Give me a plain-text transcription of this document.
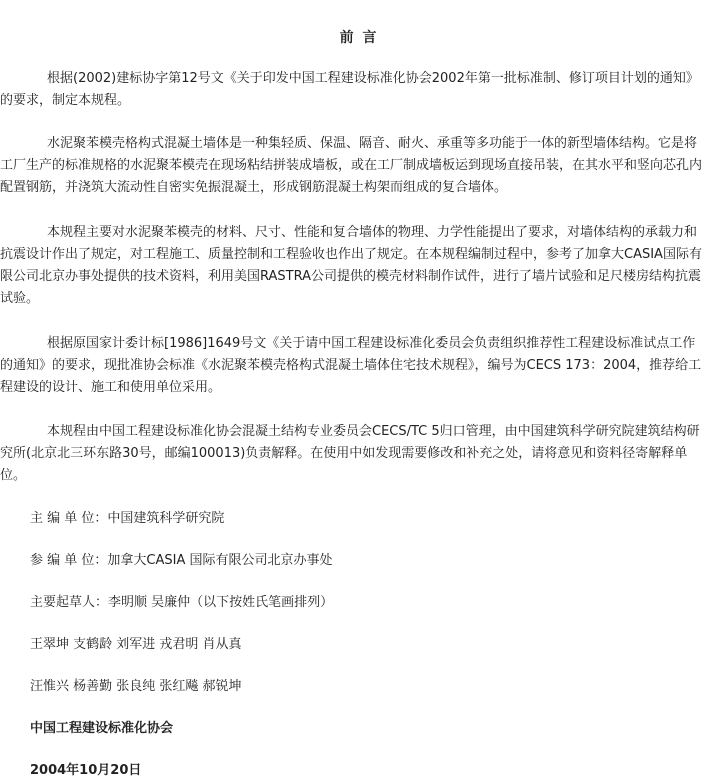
前 言

根据(2002)建标协字第12号文《关于印发中国工程建设标准化协会2002年第一批标准制、修订项目计划的通知》的要求，制定本规程。

水泥聚苯模壳格构式混凝土墙体是一种集轻质、保温、隔音、耐火、承重等多功能于一体的新型墙体结构。它是将工厂生产的标准规格的水泥聚苯模壳在现场粘结拼装成墙板，或在工厂制成墙板运到现场直接吊装，在其水平和竖向芯孔内配置钢筋，并浇筑大流动性自密实免振混凝土，形成钢筋混凝土构架而组成的复合墙体。

本规程主要对水泥聚苯模壳的材料、尺寸、性能和复合墙体的物理、力学性能提出了要求，对墙体结构的承载力和抗震设计作出了规定，对工程施工、质量控制和工程验收也作出了规定。在本规程编制过程中，参考了加拿大CASIA国际有限公司北京办事处提供的技术资料，利用美国RASTRA公司提供的模壳材料制作试件，进行了墙片试验和足尺楼房结构抗震试验。

根据原国家计委计标[1986]1649号文《关于请中国工程建设标准化委员会负责组织推荐性工程建设标准试点工作的通知》的要求，现批准协会标准《水泥聚苯模壳格构式混凝土墙体住宅技术规程》，编号为CECS 173：2004，推荐给工程建设的设计、施工和使用单位采用。

本规程由中国工程建设标准化协会混凝土结构专业委员会CECS/TC 5归口管理，由中国建筑科学研究院建筑结构研究所(北京北三环东路30号，邮编100013)负责解释。在使用中如发现需要修改和补充之处，请将意见和资料径寄解释单位。

主 编 单 位：中国建筑科学研究院
参 编 单 位：加拿大CASIA 国际有限公司北京办事处
主要起草人：李明顺 吴廉仲（以下按姓氏笔画排列）
王翠坤 支鹤龄 刘军进 戎君明 肖从真
汪惟兴 杨善勤 张良纯 张红飚 郝锐坤
中国工程建设标准化协会
2004年10月20日
